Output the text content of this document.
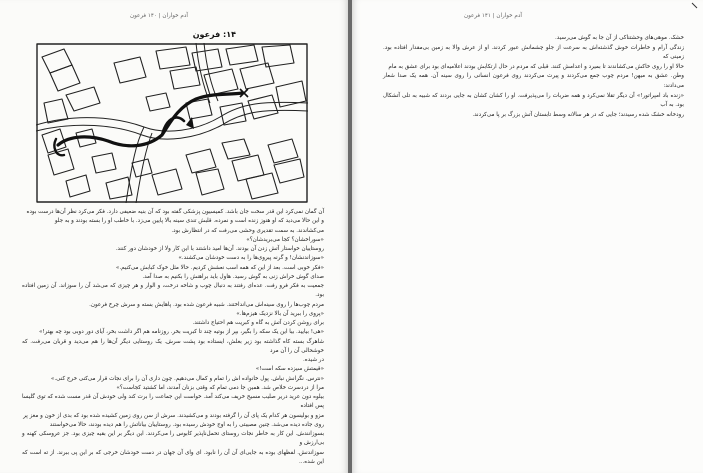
آدم خواران | ۱۴۰ فرعون
۱۴: فرعون

آن گمان نمی‌کرد این قدر سخت جان باشد. کمیسیون پزشکی گفته بود که آن بنیه ضعیفی دارد. فکر می‌کرد نظر آن‌ها درست بوده

و این حالا می‌دید که او هنوز زنده است و نمرده. قلبش تندی سینه بالا پایین می‌زد. با خاطب او را بسته بودند و به جلو

می‌کشاندند. به سمت تقدیری وحشی می‌رفت که در انتظارش بود.

«سوراخشان؟ کجا می‌بریدشان؟»

روستاییان خواستار آتش زدن آن بودند. آن‌ها امید داشتند با این کار ولا از خودشان دور کنند.

«سوزاندنشان! و گرنه پیروی‌ها را به دست خودشان می‌کشند.»

«فکر خوبی است. بعد از این که همه اسب نعشش کردیم. حالا مثل خوک کبابش می‌کنیم.»

صدای گوش خراش زنی به گوش رسید. هاول باید براهنش را بکنیم به صدا آمد.

جمعیت به فکر فرو رفت. عده‌ای رفتند به دنبال چوب و شاخه درخت، و الوار و هر چیزی که می‌شد آن را سوزاند. آن زمین افتاده بود.

مردم چوب‌ها را روی سینه‌اش می‌انداختند. شبیه فرعون شده بود. پاهایش بسته و سرش چرخ فرعون.

«پروی را ببرید آن بالا نزدیک هیزم‌ها.»

برای روشن کردن آتش به گاه و کبریت هم احتیاج داشتند.

«هی! بیایید. بیا این یک سکه را بگیر، بپر از بوتیه چند تا کبریت بخر. روزنامه هم اگر داشت بخر، آیای دور دوبی بود چه بهتر!»

شاهرگ بسته کاه گذاشته بود زیر بغلش، ایستاده بود پشت سرش. یک روستایی دیگر آن‌ها را هم می‌دید و قربان می‌رفت. که خوشحالی آن را آن مرد

در شیده.

«قیمتش سیزده سکه است!»

«نترس. نگرانش نباش. پول خانواده اش را تمام و کمال می‌دهیم. چون داری آن را برای نجات قرار می‌کنی خرج کنی.»

مرا از دردسرت خلاص شد. همین جا دمی تمام که وقتی بزنان آمدند، اما کشتید کجاست؟»

بیلوه دون عرید دریر صلیب مسیح خریف می‌کند آمد. خواست این جماعت را برت کند ولی خودش آن قدر مست شده که توی گلیسا پس افتاده

مزو و بولیسون هر کدام یک پای آن را گرفته بودند و می‌کشیدند. سرش از سن روی زمین کشیده شده بود که بدی از خون و مغز پر

روی جاده دیده می‌شد. چنین مصیبتی را به اوج خودش رسیده بود. روستاییان بیاناتش را هم دیده بودند، حالا می‌خواستند

بسوزانندش. این کار به خاطر نجات روستای تحمل‌ناپذیر کابوس را می‌کردند. این دیگر بر این بقیه چیزی بود. جز عروسکی کهنه و بی‌ارزش و

سوزاندنش. لفظها‌ی بوده به جایی‌ای آن آن را نابود. ای وای آن جهان در دست خودشان خرجی که بر این پی ببرند. از ته است که این شده...

آدم خواران | ۱۴۱ فرعون

خشک. موهی‌های وحشتناکی از آن جا به گوش می‌رسید.

زندگی آرام و خاطرات خوش گذشته‌اش به سرعت از جلو چشمانش عبور کردند. او از عرش والا به زمین بی‌مقدار افتاده بود. زمینی که

حالا او را روی خاکش می‌کشاندند تا بمیرد و اعدامش کنند. قبلی که مردم در حال ارتکابش بودند اعلامیه‌ای بود برای عشق به مام

وطن. عشق به میهن! مردم چوب جمع می‌کردند و پیرت می‌کردند روی فرعون انسانی را روی سینه آن. همه یک صدا شعار می‌دادند:

«زنده باد امپراتور!» آن دیگر تقلا نمی‌کرد و همه ضربات را می‌پذیرفت. او را کشان کشان به جایی بردند که شبیه به تلی آتشکال بود. به آب

رودخانه خشک شده رسیدند؛ جایی که در هر سالانه وسط تابستان آتش بزرگ بر پا می‌کردند.
